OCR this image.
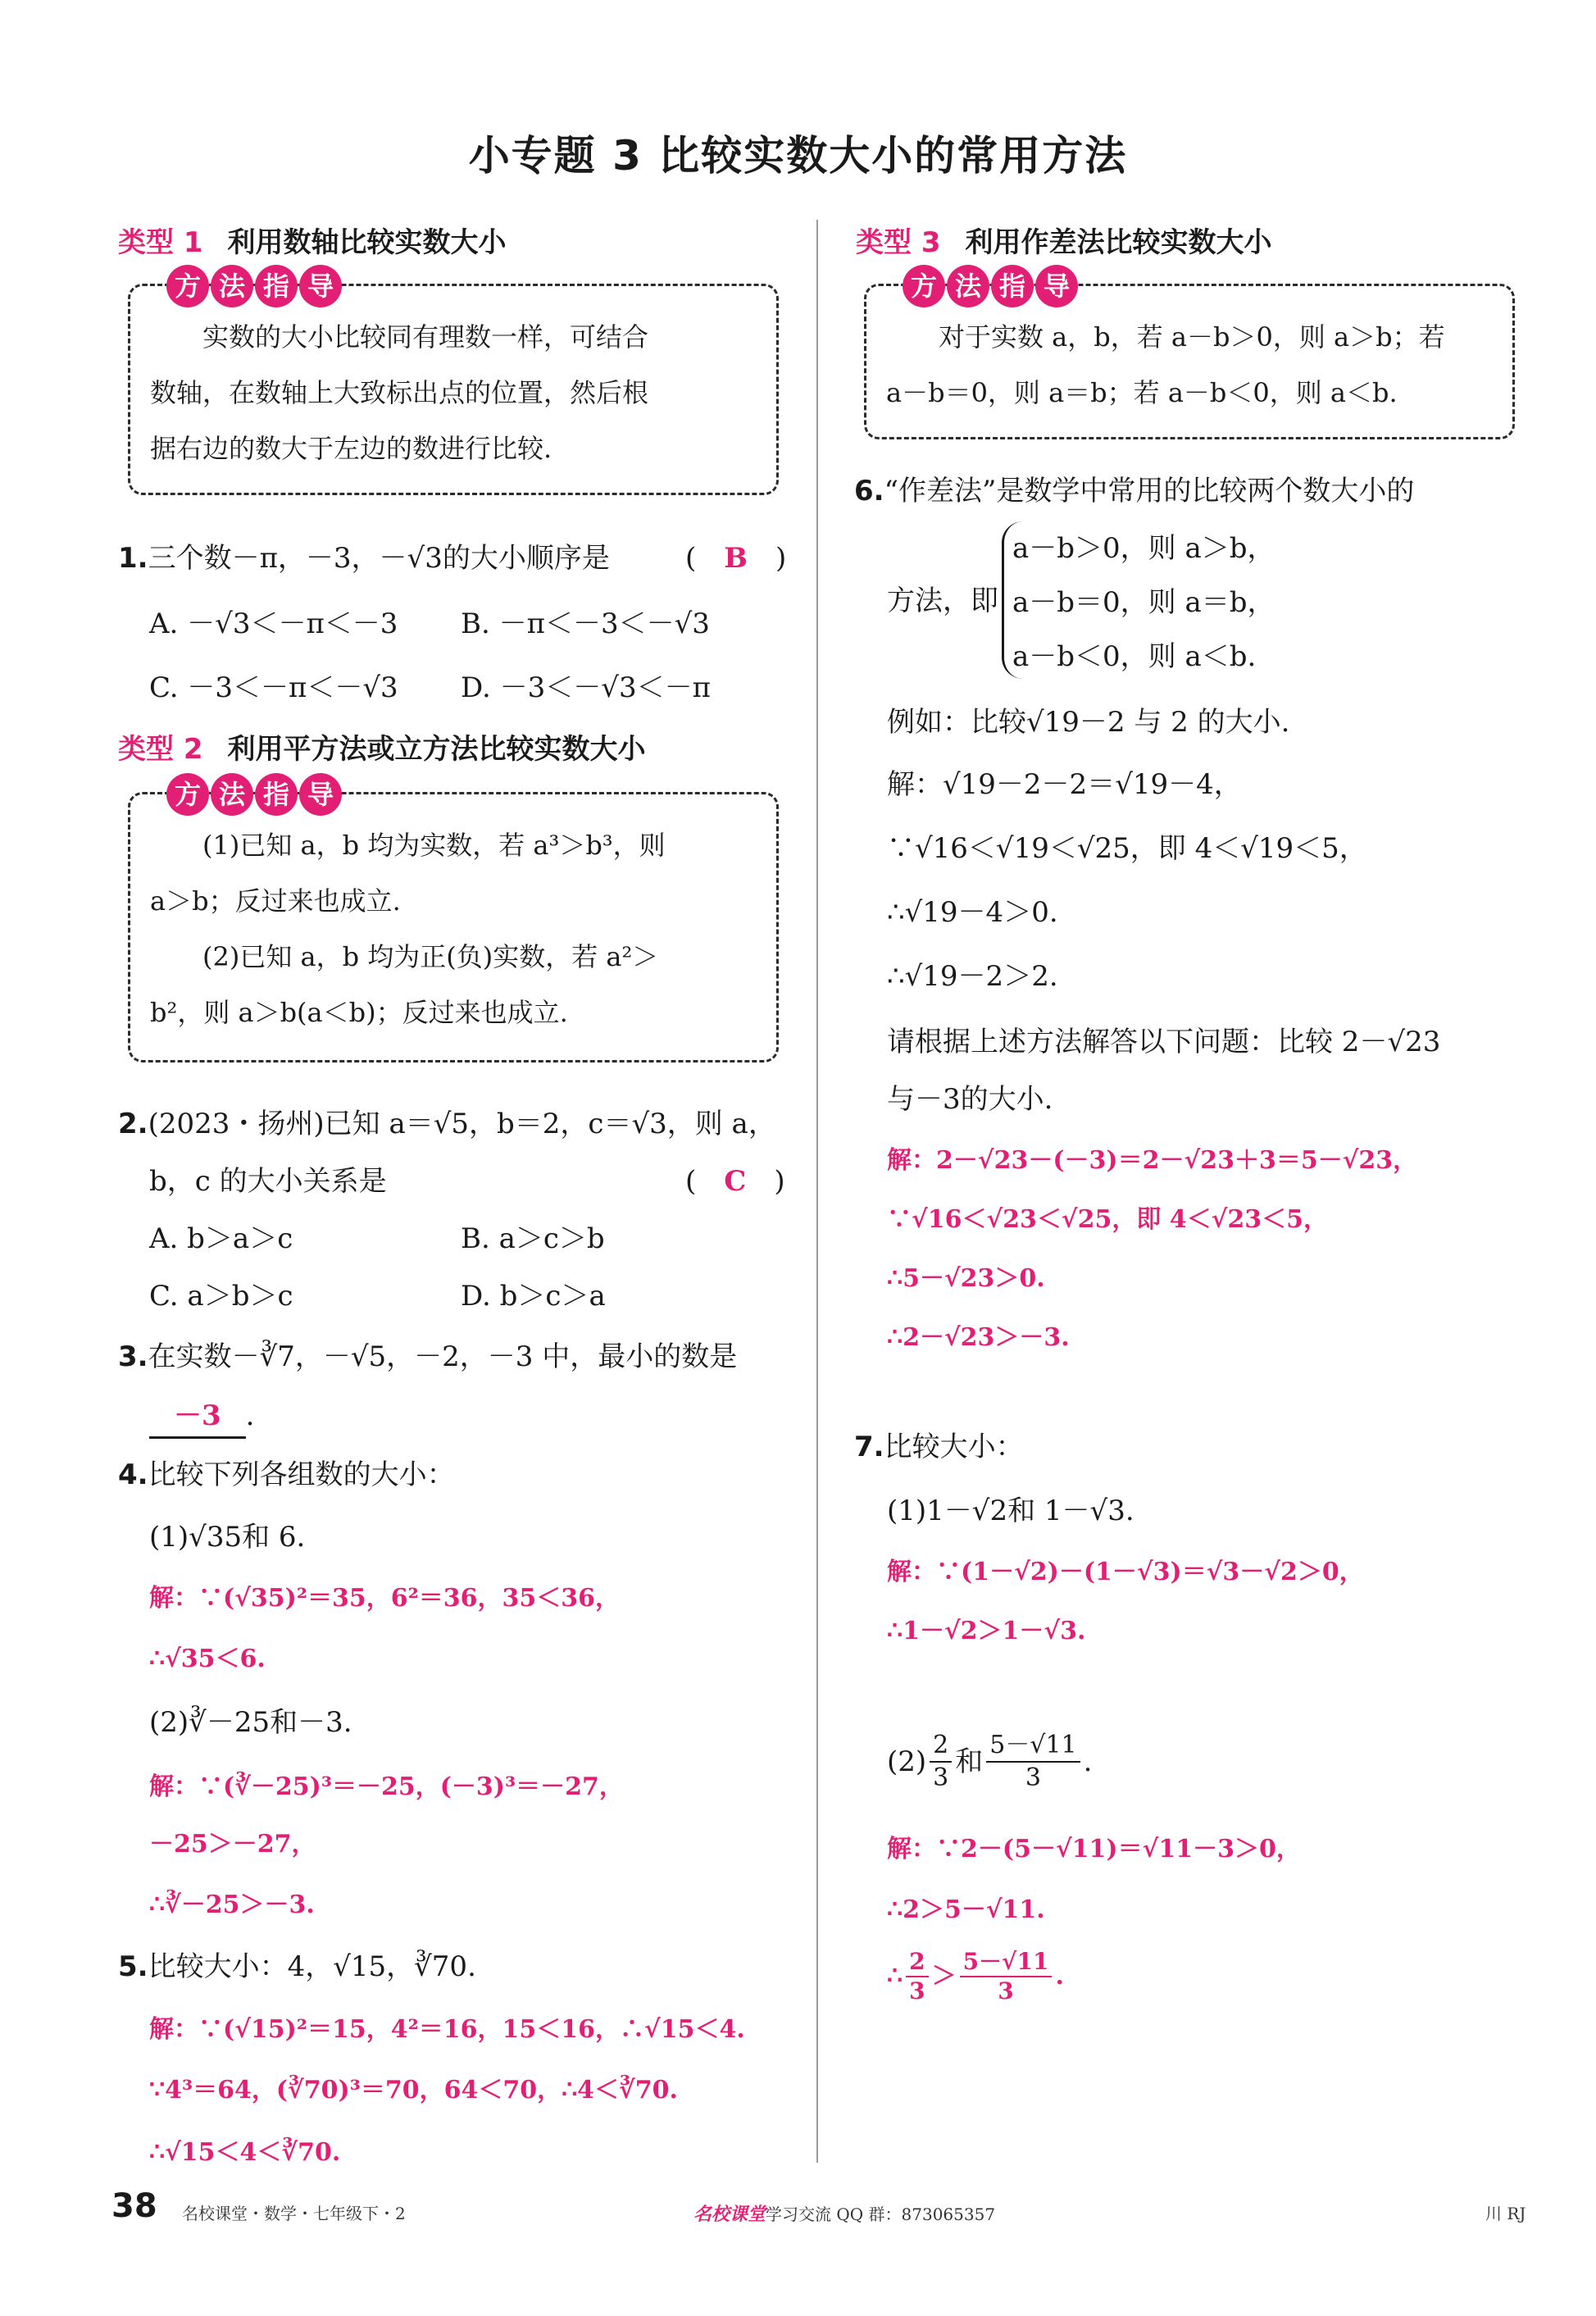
小专题 3 比较实数大小的常用方法
类型 1 利用数轴比较实数大小
方 法 指 导
　　实数的大小比较同有理数一样，可结合
数轴，在数轴上大致标出点的位置，然后根
据右边的数大于左边的数进行比较.
1.三个数－π，－3，－√3的大小顺序是	(　B　)
A. －√3＜－π＜－3 B. －π＜－3＜－√3
C. －3＜－π＜－√3 D. －3＜－√3＜－π
类型 2 利用平方法或立方法比较实数大小
方 法 指 导
　　(1)已知 a，b 均为实数，若 a³＞b³，则
a＞b；反过来也成立.
　　(2)已知 a，b 均为正(负)实数，若 a²＞
b²，则 a＞b(a＜b)；反过来也成立.
2.(2023・扬州)已知 a＝√5，b＝2，c＝√3，则 a，
b，c 的大小关系是	(　C　)
A. b＞a＞c	B. a＞c＞b
C. a＞b＞c	D. b＞c＞a
3.在实数－∛7，－√5，－2，－3 中，最小的数是
－3 .
4.比较下列各组数的大小：
(1)√35和 6.
解：∵(√35)²＝35，6²＝36，35＜36，
∴√35＜6.
(2)∛－25和－3.
解：∵(∛－25)³＝－25，(－3)³＝－27，
－25＞－27，
∴∛－25＞－3.
5.比较大小：4，√15，∛70.
解：∵(√15)²＝15，4²＝16，15＜16，∴√15＜4.
∵4³＝64，(∛70)³＝70，64＜70，∴4＜∛70.
∴√15＜4＜∛70.
类型 3 利用作差法比较实数大小
方 法 指 导
　　对于实数 a，b，若 a－b＞0，则 a＞b；若
a－b＝0，则 a＝b；若 a－b＜0，则 a＜b.
6.“作差法”是数学中常用的比较两个数大小的
方法，即
a－b＞0，则 a＞b，
a－b＝0，则 a＝b，
a－b＜0，则 a＜b.
例如：比较√19－2 与 2 的大小.
解：√19－2－2＝√19－4，
∵√16＜√19＜√25，即 4＜√19＜5，
∴√19－4＞0.
∴√19－2＞2.
请根据上述方法解答以下问题：比较 2－√23
与－3的大小.
解：2－√23－(－3)＝2－√23＋3＝5－√23，
∵√16＜√23＜√25，即 4＜√23＜5，
∴5－√23＞0.
∴2－√23＞－3.
7.比较大小：
(1)1－√2和 1－√3.
解：∵(1－√2)－(1－√3)＝√3－√2＞0，
∴1－√2＞1－√3.
$(2) \frac{2}{3}$ 和 $\frac{5-√11}{3}$ .
解：∵2－(5－√11)＝√11－3＞0，
∴2＞5－√11.
∴ $\frac{2}{3} > \frac{5-√11}{3}$ .
38 名校课堂・数学・七年级下・2	名校课堂学习交流 QQ 群：873065357	川 RJ
